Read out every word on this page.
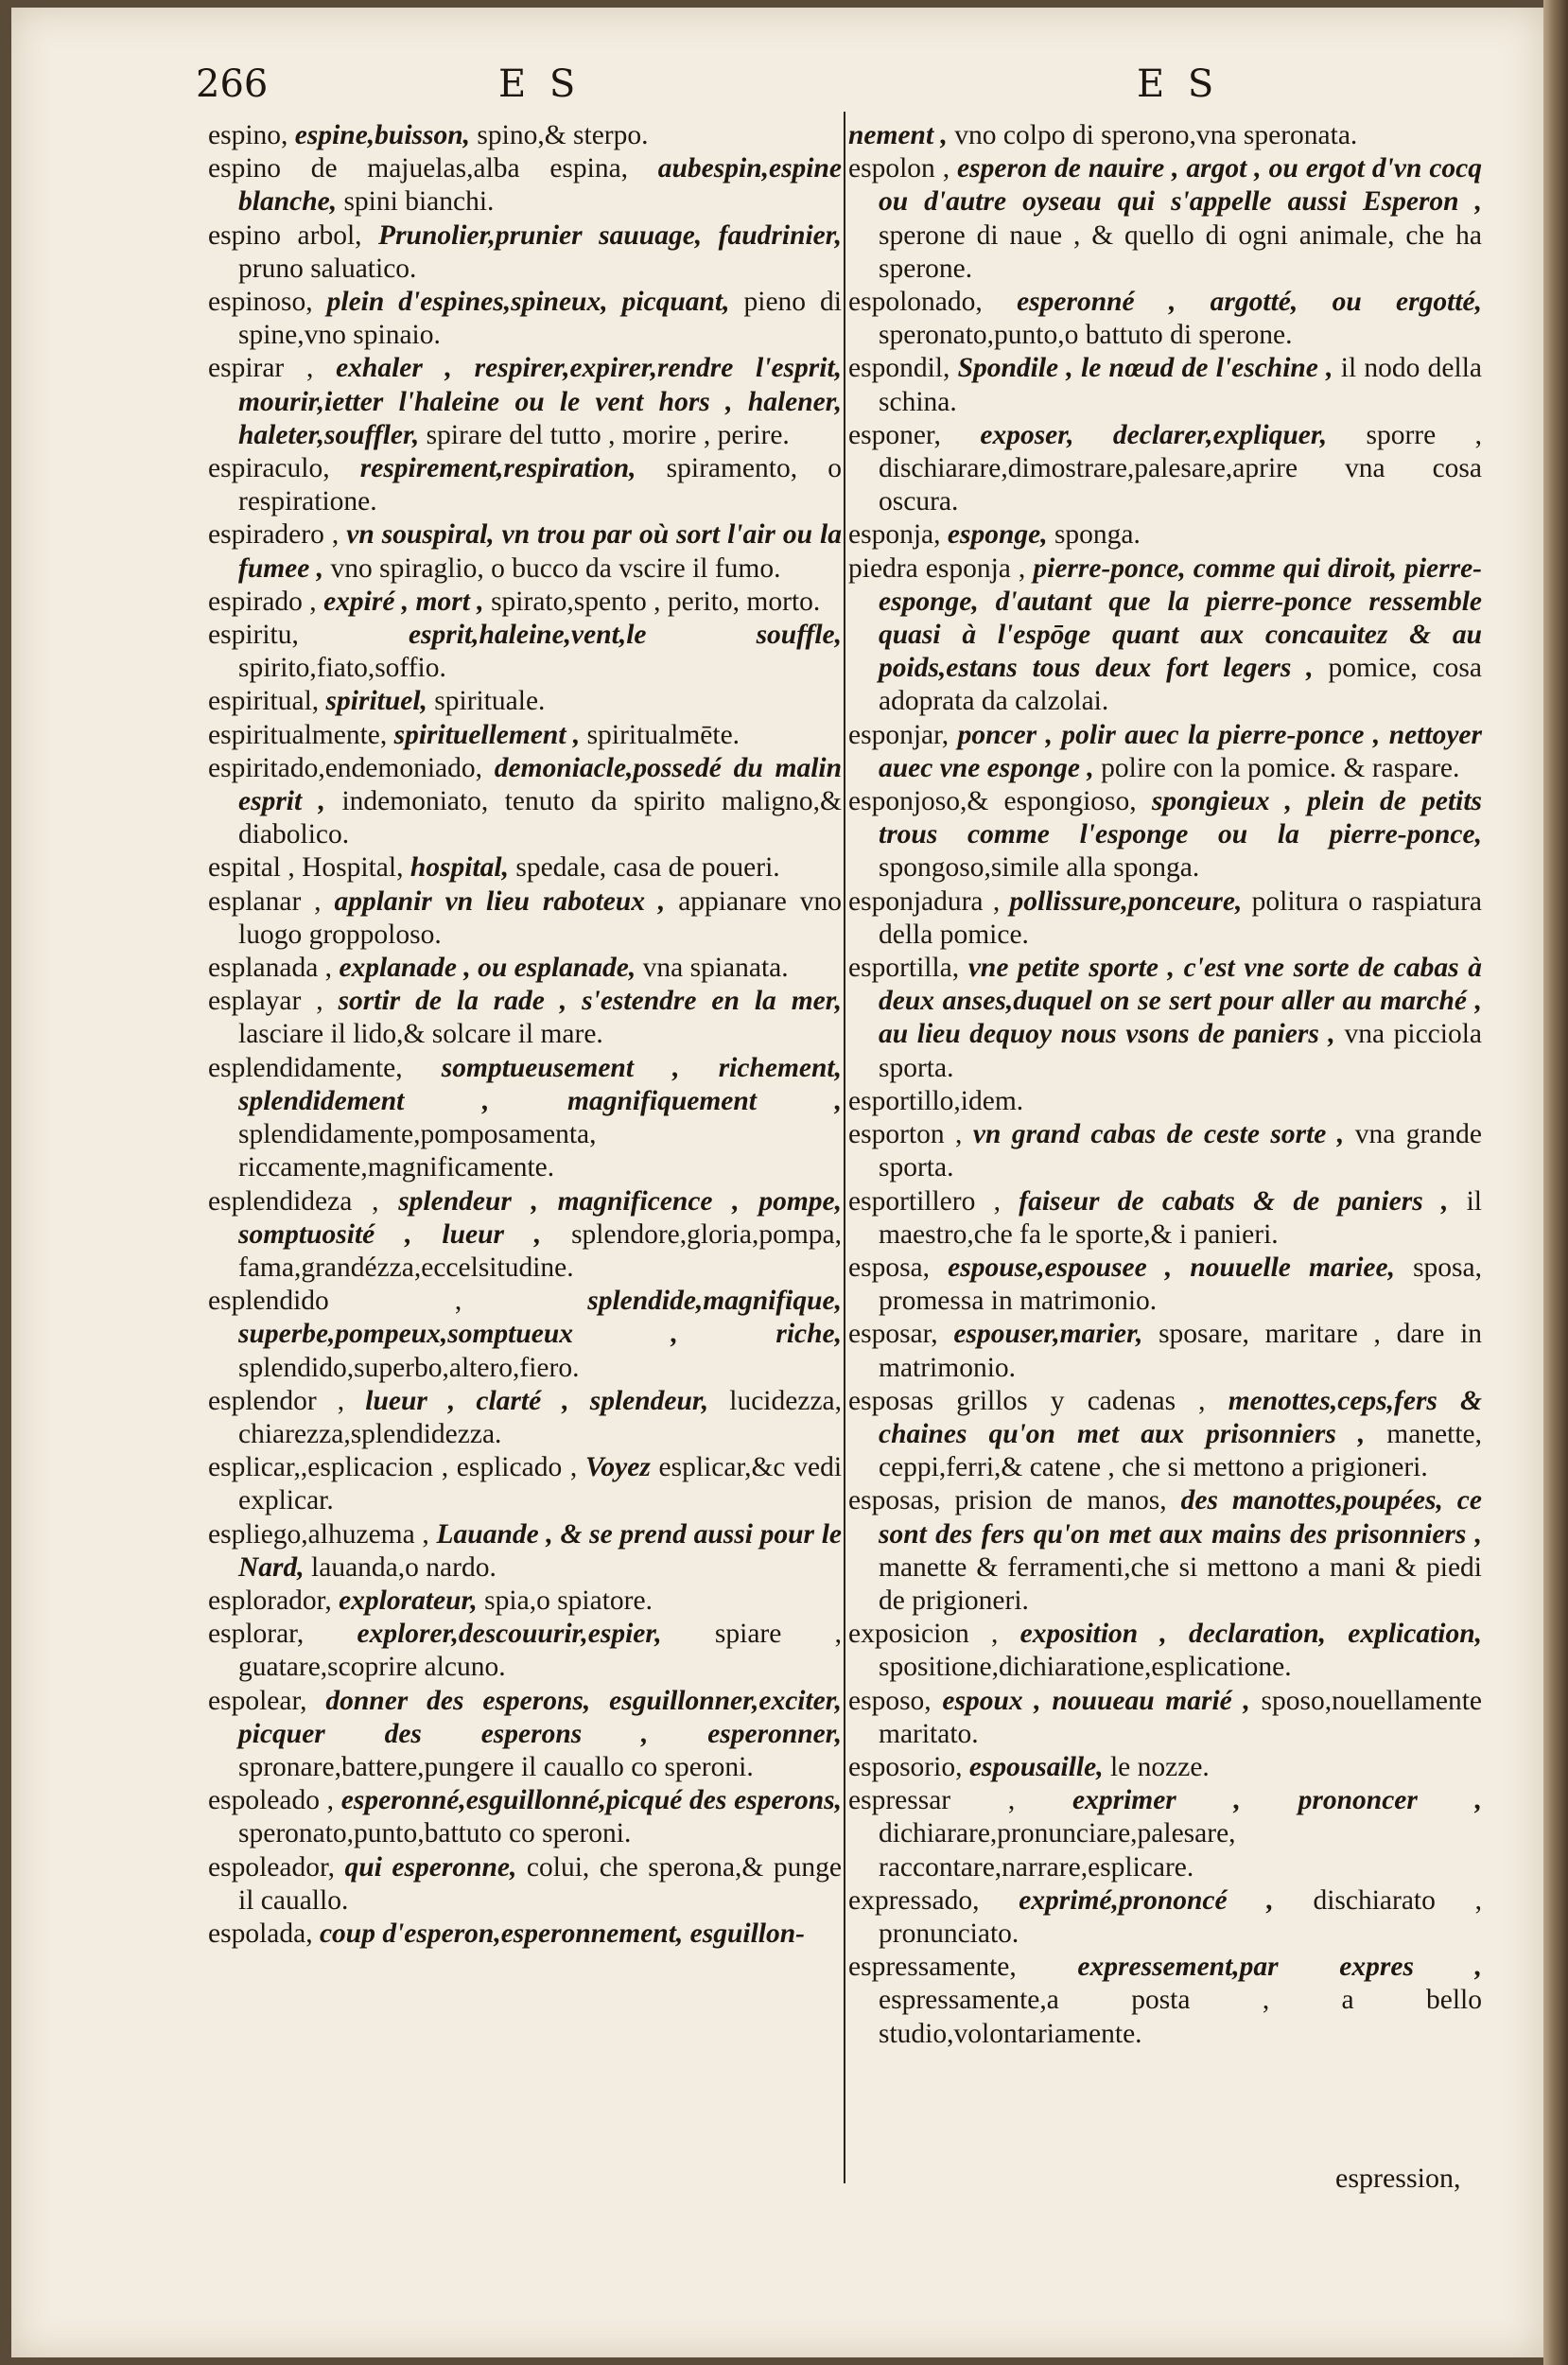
266	E S	E S

espino, espine,buisson, spino,& sterpo.

espino de majuelas,alba espina, aubespin,espine blanche, spini bianchi.

espino arbol, Prunolier,prunier sauuage, faudrinier, pruno saluatico.

espinoso, plein d'espines,spineux, picquant, pieno di spine,vno spinaio.

espirar , exhaler , respirer,expirer,rendre l'esprit, mourir,ietter l'haleine ou le vent hors , halener, haleter,souffler, spirare del tutto , morire , perire.

espiraculo, respirement,respiration, spiramento, o respiratione.

espiradero , vn souspiral, vn trou par où sort l'air ou la fumee , vno spiraglio, o bucco da vscire il fumo.

espirado , expiré , mort , spirato,spento , perito, morto.

espiritu,	esprit,haleine,vent,le souffle, spirito,fiato,soffio.

espiritual, spirituel, spirituale.

espiritualmente, spirituellement , spiritualmēte.

espiritado,endemoniado, demoniacle,possedé du malin esprit , indemoniato, tenuto da spirito maligno,& diabolico.

espital , Hospital, hospital, spedale, casa de poueri.

esplanar , applanir vn lieu raboteux , appianare vno luogo groppoloso.

esplanada , explanade , ou esplanade, vna spianata.

esplayar , sortir de la rade , s'estendre en la mer, lasciare il lido,& solcare il mare.

esplendidamente, somptueusement , richement, splendidement , magnifiquement , splendidamente,pomposamenta, riccamente,magnificamente.

esplendideza , splendeur , magnificence , pompe, somptuosité , lueur , splendore,gloria,pompa, fama,grandézza,eccelsitudine.

esplendido ,	splendide,magnifique, superbe,pompeux,somptueux , riche, splendido,superbo,altero,fiero.

esplendor , lueur , clarté , splendeur, lucidezza, chiarezza,splendidezza.

esplicar,,esplicacion , esplicado , Voyez esplicar,&c vedi explicar.

espliego,alhuzema , Lauande , & se prend aussi pour le Nard, lauanda,o nardo.

esplorador, explorateur, spia,o spiatore.

esplorar, explorer,descouurir,espier, spiare , guatare,scoprire alcuno.

espolear, donner des esperons, esguillonner,exciter, picquer des esperons , esperonner, spronare,battere,pungere il cauallo co speroni.

espoleado , esperonné,esguillonné,picqué des esperons, speronato,punto,battuto co speroni.

espoleador, qui esperonne, colui, che sperona,& punge il cauallo.

espolada, coup d'esperon,esperonnement, esguillon-

nement , vno colpo di sperono,vna speronata.

espolon , esperon de nauire , argot , ou ergot d'vn cocq ou d'autre oyseau qui s'appelle aussi Esperon , sperone di naue , & quello di ogni animale, che ha sperone.

espolonado, esperonné , argotté, ou ergotté, speronato,punto,o battuto di sperone.

espondil, Spondile , le nœud de l'eschine , il nodo della schina.

esponer, exposer, declarer,expliquer, sporre , dischiarare,dimostrare,palesare,aprire vna cosa oscura.

esponja, esponge, sponga.

piedra esponja , pierre-ponce, comme qui diroit, pierre-esponge, d'autant que la pierre-ponce ressemble quasi à l'espōge quant aux concauitez & au poids,estans tous deux fort legers , pomice, cosa adoprata da calzolai.

esponjar, poncer , polir auec la pierre-ponce , nettoyer auec vne esponge , polire con la pomice. & raspare.

esponjoso,& espongioso, spongieux , plein de petits trous comme l'esponge ou la pierre-ponce, spongoso,simile alla sponga.

esponjadura , pollissure,ponceure, politura o raspiatura della pomice.

esportilla, vne petite sporte , c'est vne sorte de cabas à deux anses,duquel on se sert pour aller au marché , au lieu dequoy nous vsons de paniers , vna picciola sporta.

esportillo,idem.

esporton , vn grand cabas de ceste sorte , vna grande sporta.

esportillero , faiseur de cabats & de paniers , il maestro,che fa le sporte,& i panieri.

esposa, espouse,espousee , nouuelle mariee, sposa, promessa in matrimonio.

esposar, espouser,marier, sposare, maritare , dare in matrimonio.

esposas grillos y cadenas , menottes,ceps,fers & chaines qu'on met aux prisonniers , manette, ceppi,ferri,& catene , che si mettono a prigioneri.

esposas, prision de manos, des manottes,poupées, ce sont des fers qu'on met aux mains des prisonniers , manette & ferramenti,che si mettono a mani & piedi de prigioneri.

exposicion , exposition , declaration, explication, spositione,dichiaratione,esplicatione.

esposo, espoux , nouueau marié , sposo,nouellamente maritato.

esposorio, espousaille, le nozze.

espressar , exprimer , prononcer , dichiarare,pronunciare,palesare, raccontare,narrare,esplicare.

expressado, exprimé,prononcé , dischiarato , pronunciato.

espressamente, expressement,par expres , espressamente,a posta , a bello studio,volontariamente.

espression,
